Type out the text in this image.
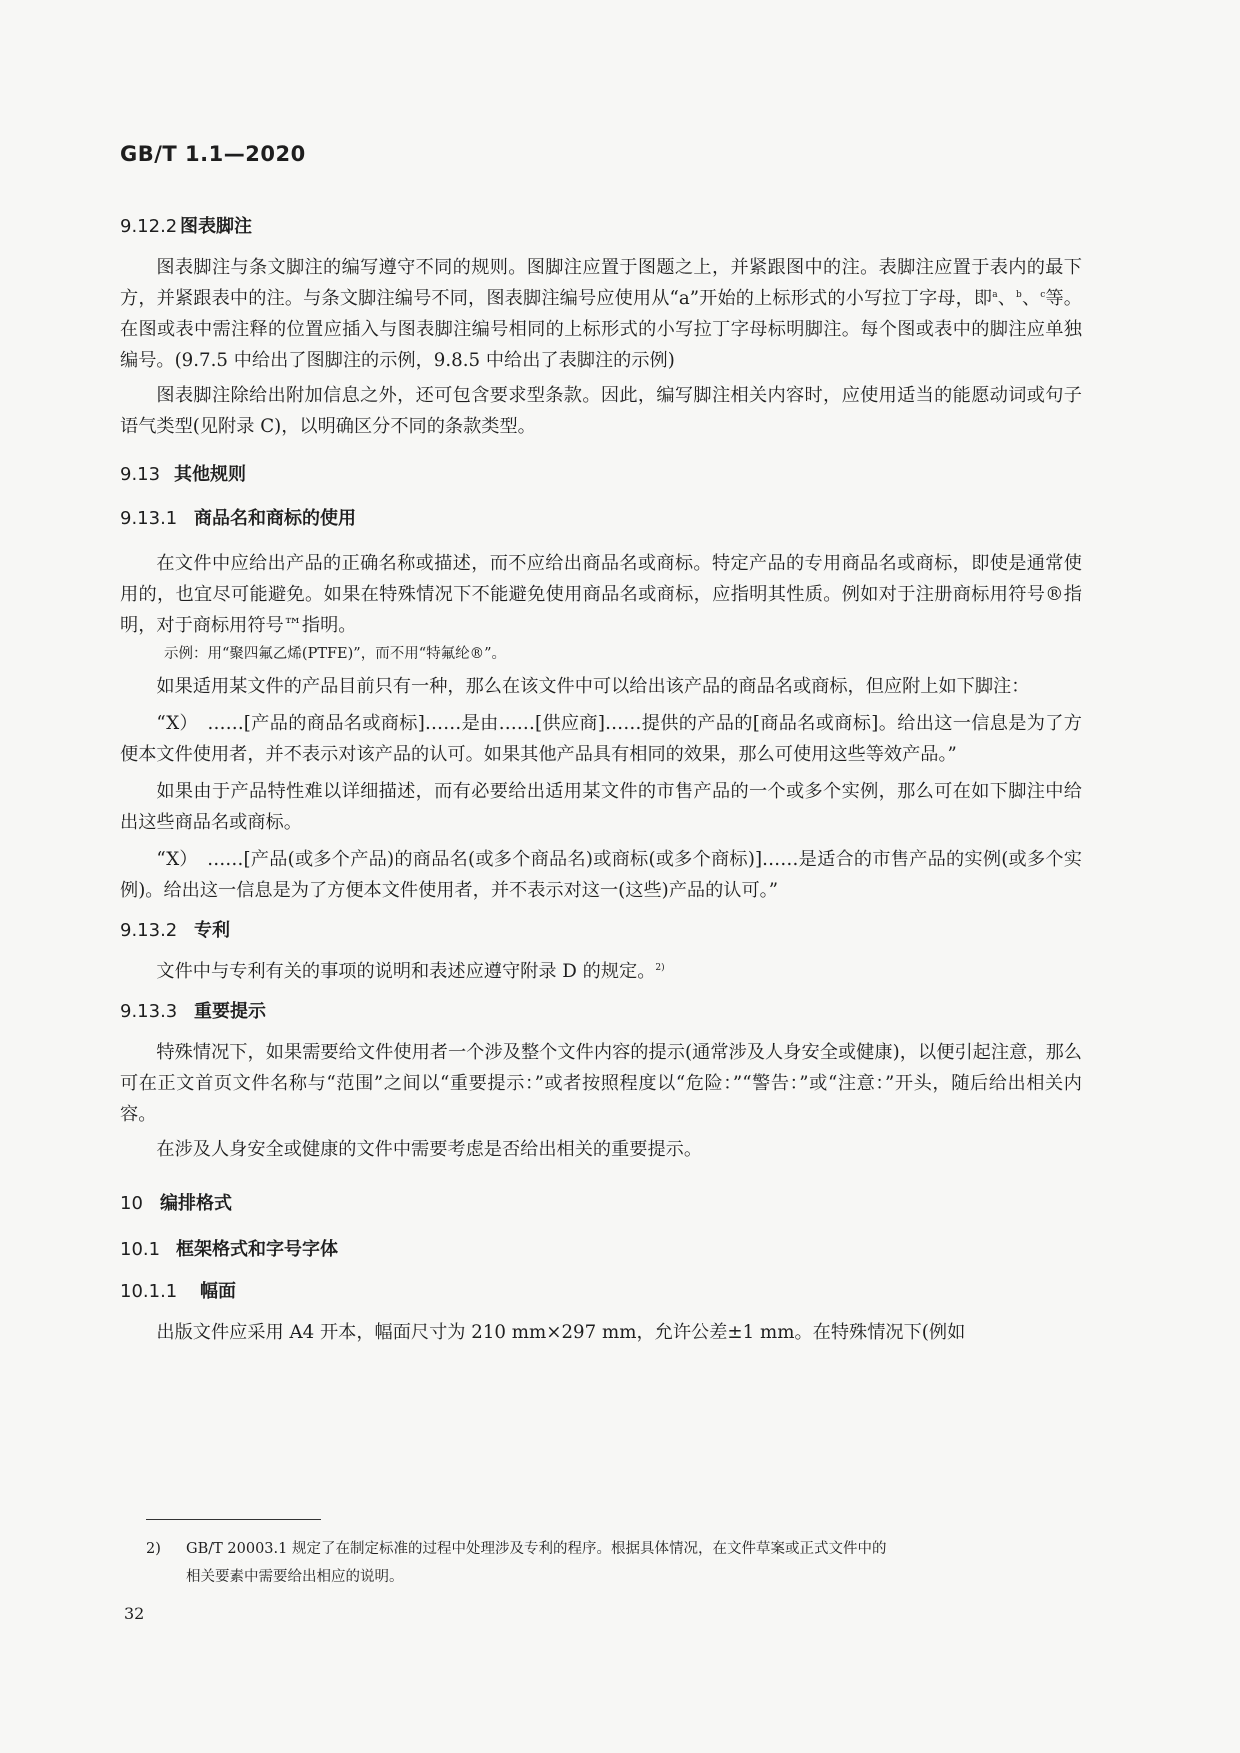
GB/T 1.1—2020
9.12.2 图表脚注

图表脚注与条文脚注的编写遵守不同的规则。图脚注应置于图题之上，并紧跟图中的注。表脚注应置于表内的最下方，并紧跟表中的注。与条文脚注编号不同，图表脚注编号应使用从“a”开始的上标形式的小写拉丁字母，即$^a$、$^b$、$^c$等。在图或表中需注释的位置应插入与图表脚注编号相同的上标形式的小写拉丁字母标明脚注。每个图或表中的脚注应单独编号。(9.7.5 中给出了图脚注的示例，9.8.5 中给出了表脚注的示例)

图表脚注除给出附加信息之外，还可包含要求型条款。因此，编写脚注相关内容时，应使用适当的能愿动词或句子语气类型(见附录 C)，以明确区分不同的条款类型。

9.13 其他规则
9.13.1 商品名和商标的使用

在文件中应给出产品的正确名称或描述，而不应给出商品名或商标。特定产品的专用商品名或商标，即使是通常使用的，也宜尽可能避免。如果在特殊情况下不能避免使用商品名或商标，应指明其性质。例如对于注册商标用符号®指明，对于商标用符号™指明。

示例：用“聚四氟乙烯(PTFE)”，而不用“特氟纶®”。

如果适用某文件的产品目前只有一种，那么在该文件中可以给出该产品的商品名或商标，但应附上如下脚注：

“X）　……[产品的商品名或商标]……是由……[供应商]……提供的产品的[商品名或商标]。给出这一信息是为了方便本文件使用者，并不表示对该产品的认可。如果其他产品具有相同的效果，那么可使用这些等效产品。”

如果由于产品特性难以详细描述，而有必要给出适用某文件的市售产品的一个或多个实例，那么可在如下脚注中给出这些商品名或商标。

“X）　……[产品(或多个产品)的商品名(或多个商品名)或商标(或多个商标)]……是适合的市售产品的实例(或多个实例)。给出这一信息是为了方便本文件使用者，并不表示对这一(这些)产品的认可。”

9.13.2 专利

文件中与专利有关的事项的说明和表述应遵守附录 D 的规定。$^{2)}$

9.13.3 重要提示

特殊情况下，如果需要给文件使用者一个涉及整个文件内容的提示(通常涉及人身安全或健康)，以便引起注意，那么可在正文首页文件名称与“范围”之间以“重要提示：”或者按照程度以“危险：”“警告：”或“注意：”开头，随后给出相关内容。

在涉及人身安全或健康的文件中需要考虑是否给出相关的重要提示。

10 编排格式
10.1 框架格式和字号字体
10.1.1 幅面

出版文件应采用 A4 开本，幅面尺寸为 210 mm×297 mm，允许公差±1 mm。在特殊情况下(例如

2) GB/T 20003.1 规定了在制定标准的过程中处理涉及专利的程序。根据具体情况，在文件草案或正式文件中的
相关要素中需要给出相应的说明。
32
